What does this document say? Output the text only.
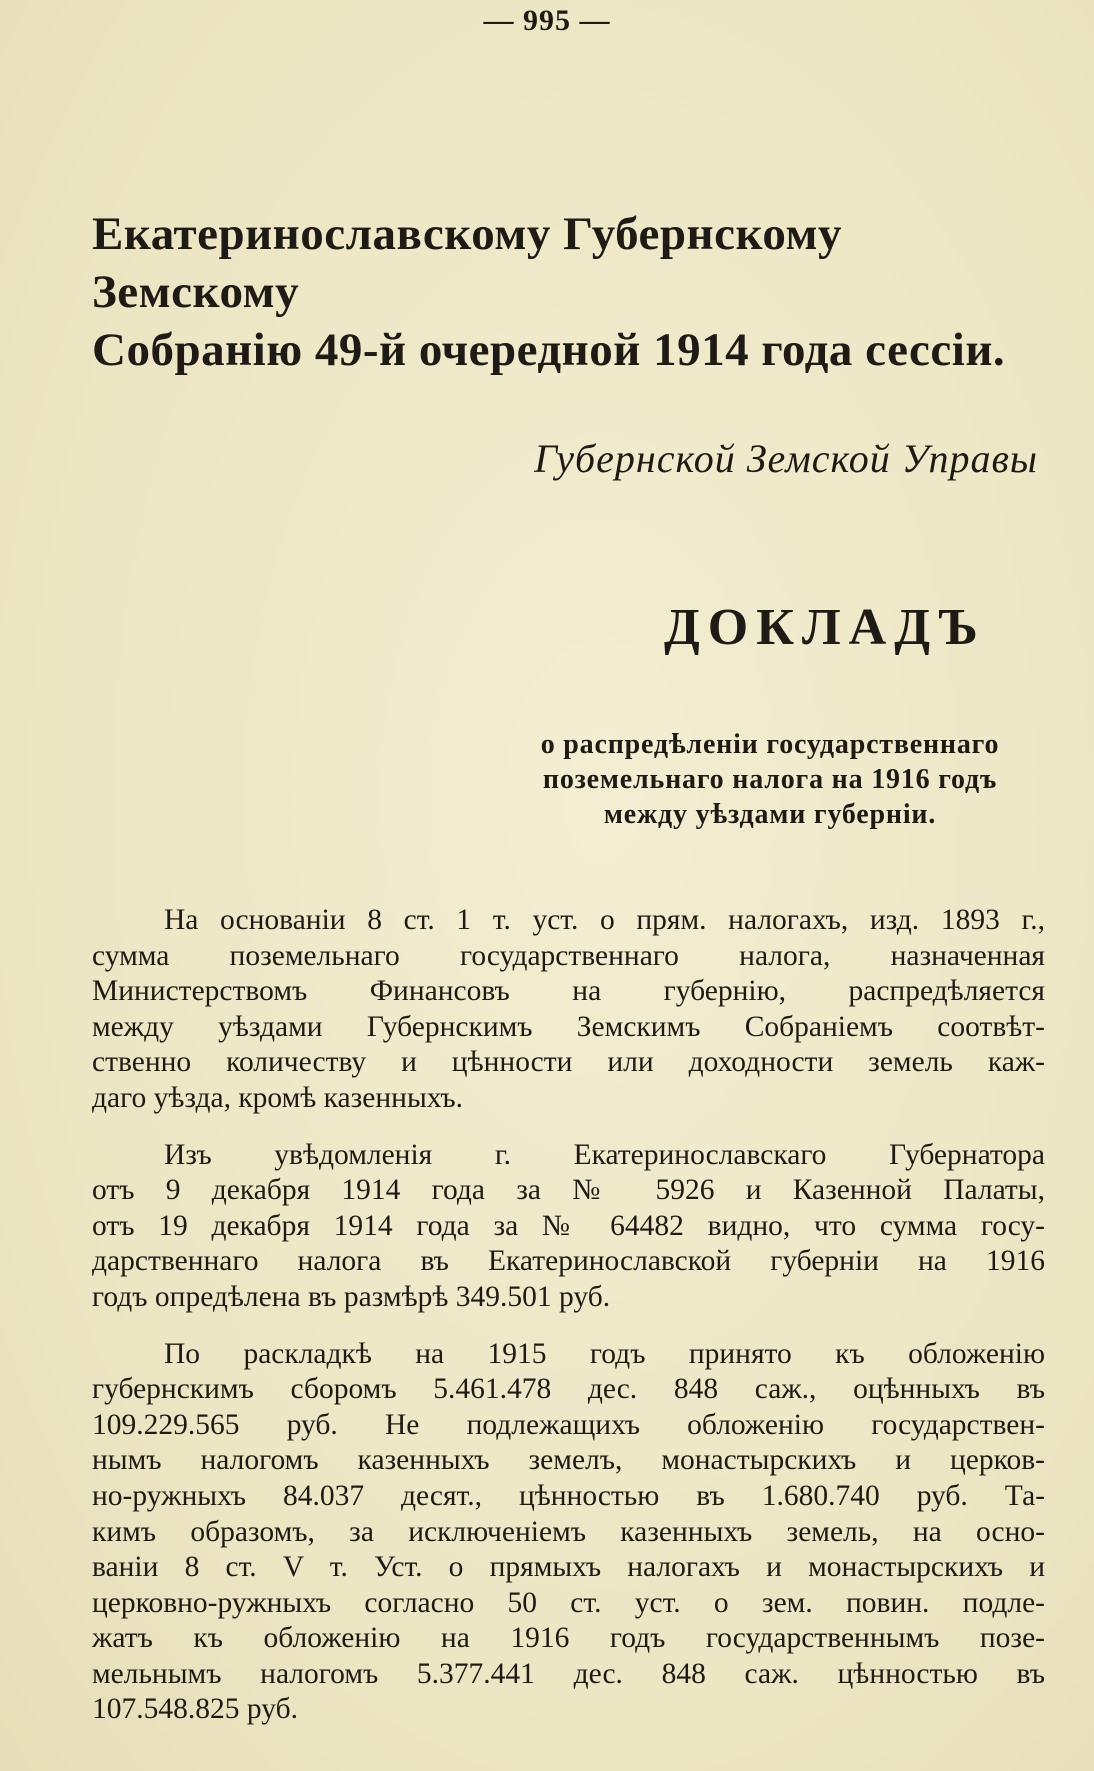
— 995 —
Екатеринославскому Губернскому Земскому
Собранію 49-й очередной 1914 года сессіи.
Губернской Земской Управы
ДОКЛАДЪ
о распредѣленіи государственнаго
поземельнаго налога на 1916 годъ
между уѣздами губерніи.
На основаніи 8 ст. 1 т. уст. о прям. налогахъ, изд. 1893 г.,
сумма поземельнаго государственнаго налога, назначенная
Министерствомъ Финансовъ на губернію, распредѣляется
между уѣздами Губернскимъ Земскимъ Собраніемъ соотвѣт-
ственно количеству и цѣнности или доходности земель каж-
даго уѣзда, кромѣ казенныхъ.
Изъ увѣдомленія г. Екатеринославскаго Губернатора
отъ 9 декабря 1914 года за № 5926 и Казенной Палаты,
отъ 19 декабря 1914 года за № 64482 видно, что сумма госу-
дарственнаго налога въ Екатеринославской губерніи на 1916
годъ опредѣлена въ размѣрѣ 349.501 руб.
По раскладкѣ на 1915 годъ принято къ обложенію
губернскимъ сборомъ 5.461.478 дес. 848 саж., оцѣнныхъ въ
109.229.565 руб. Не подлежащихъ обложенію государствен-
нымъ налогомъ казенныхъ земелъ, монастырскихъ и церков-
но-ружныхъ 84.037 десят., цѣнностью въ 1.680.740 руб. Та-
кимъ образомъ, за исключеніемъ казенныхъ земель, на осно-
ваніи 8 ст. V т. Уст. о прямыхъ налогахъ и монастырскихъ и
церковно-ружныхъ согласно 50 ст. уст. о зем. повин. подле-
жатъ къ обложенію на 1916 годъ государственнымъ позе-
мельнымъ налогомъ 5.377.441 дес. 848 саж. цѣнностью въ
107.548.825 руб.
